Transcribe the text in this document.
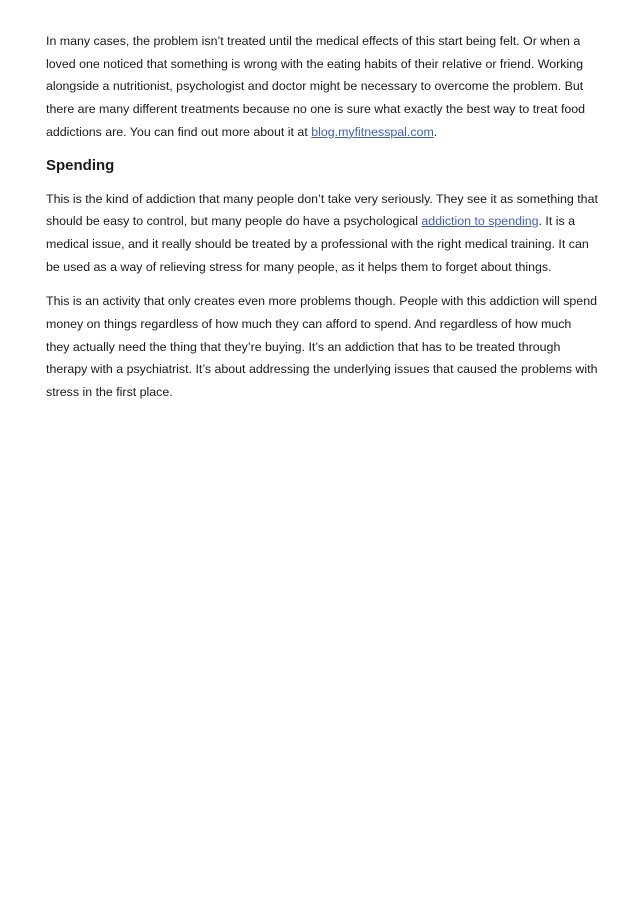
In many cases, the problem isn’t treated until the medical effects of this start being felt. Or when a loved one noticed that something is wrong with the eating habits of their relative or friend. Working alongside a nutritionist, psychologist and doctor might be necessary to overcome the problem. But there are many different treatments because no one is sure what exactly the best way to treat food addictions are. You can find out more about it at blog.myfitnesspal.com.

Spending

This is the kind of addiction that many people don’t take very seriously. They see it as something that should be easy to control, but many people do have a psychological addiction to spending. It is a medical issue, and it really should be treated by a professional with the right medical training. It can be used as a way of relieving stress for many people, as it helps them to forget about things.

This is an activity that only creates even more problems though. People with this addiction will spend money on things regardless of how much they can afford to spend. And regardless of how much they actually need the thing that they’re buying. It’s an addiction that has to be treated through therapy with a psychiatrist. It’s about addressing the underlying issues that caused the problems with stress in the first place.
